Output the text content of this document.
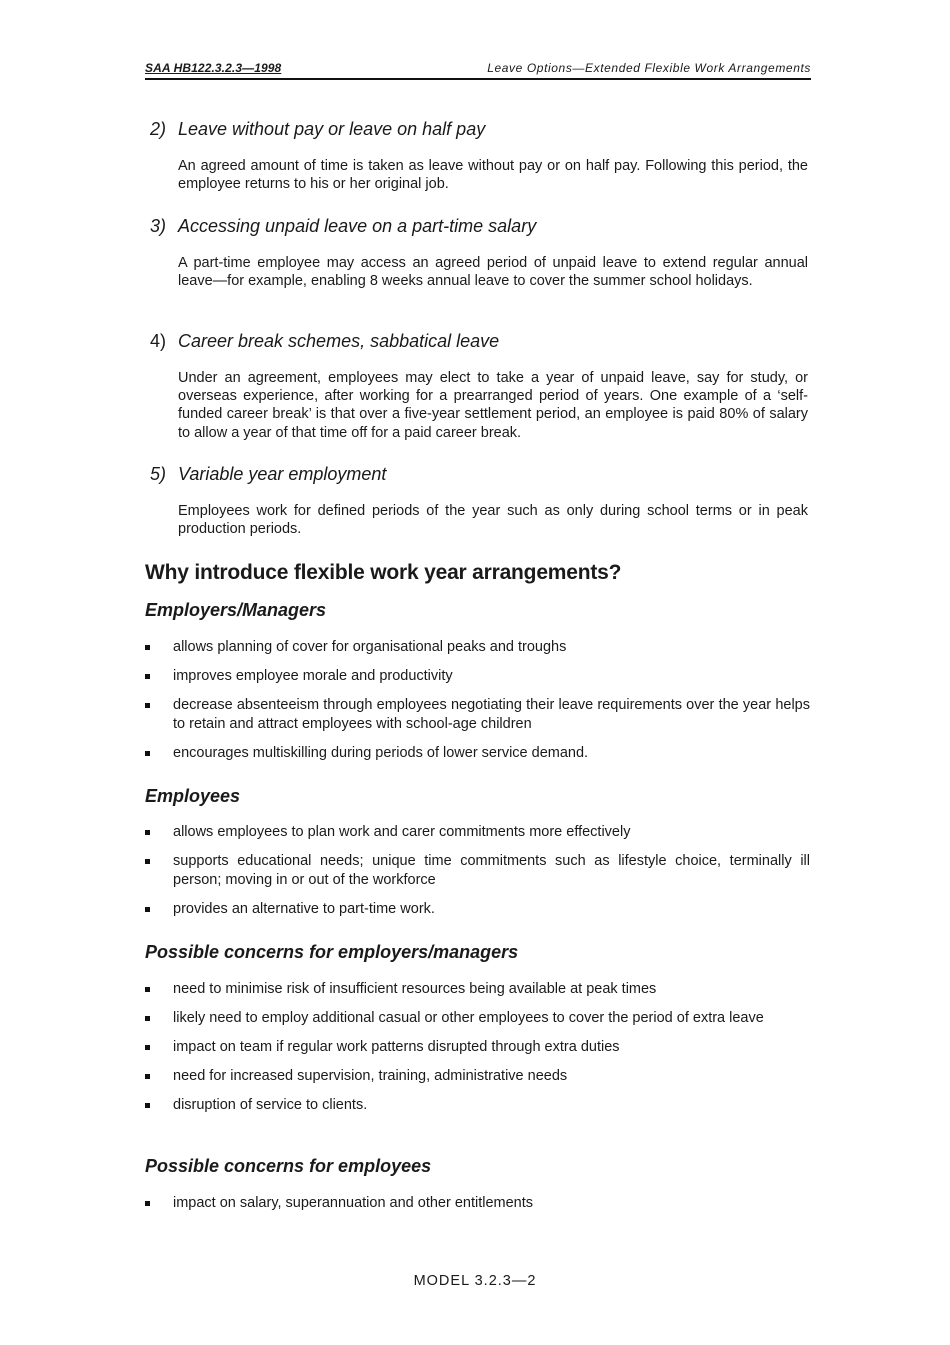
SAA HB122.3.2.3—1998	Leave Options—Extended Flexible Work Arrangements
2) Leave without pay or leave on half pay
An agreed amount of time is taken as leave without pay or on half pay. Following this period, the employee returns to his or her original job.
3) Accessing unpaid leave on a part-time salary
A part-time employee may access an agreed period of unpaid leave to extend regular annual leave—for example, enabling 8 weeks annual leave to cover the summer school holidays.
4) Career break schemes, sabbatical leave
Under an agreement, employees may elect to take a year of unpaid leave, say for study, or overseas experience, after working for a prearranged period of years. One example of a ‘self-funded career break’ is that over a five-year settlement period, an employee is paid 80% of salary to allow a year of that time off for a paid career break.
5) Variable year employment
Employees work for defined periods of the year such as only during school terms or in peak production periods.
Why introduce flexible work year arrangements?
Employers/Managers
allows planning of cover for organisational peaks and troughs
improves employee morale and productivity
decrease absenteeism through employees negotiating their leave requirements over the year helps to retain and attract employees with school-age children
encourages multiskilling during periods of lower service demand.
Employees
allows employees to plan work and carer commitments more effectively
supports educational needs; unique time commitments such as lifestyle choice, terminally ill person; moving in or out of the workforce
provides an alternative to part-time work.
Possible concerns for employers/managers
need to minimise risk of insufficient resources being available at peak times
likely need to employ additional casual or other employees to cover the period of extra leave
impact on team if regular work patterns disrupted through extra duties
need for increased supervision, training, administrative needs
disruption of service to clients.
Possible concerns for employees
impact on salary, superannuation and other entitlements
MODEL 3.2.3—2
